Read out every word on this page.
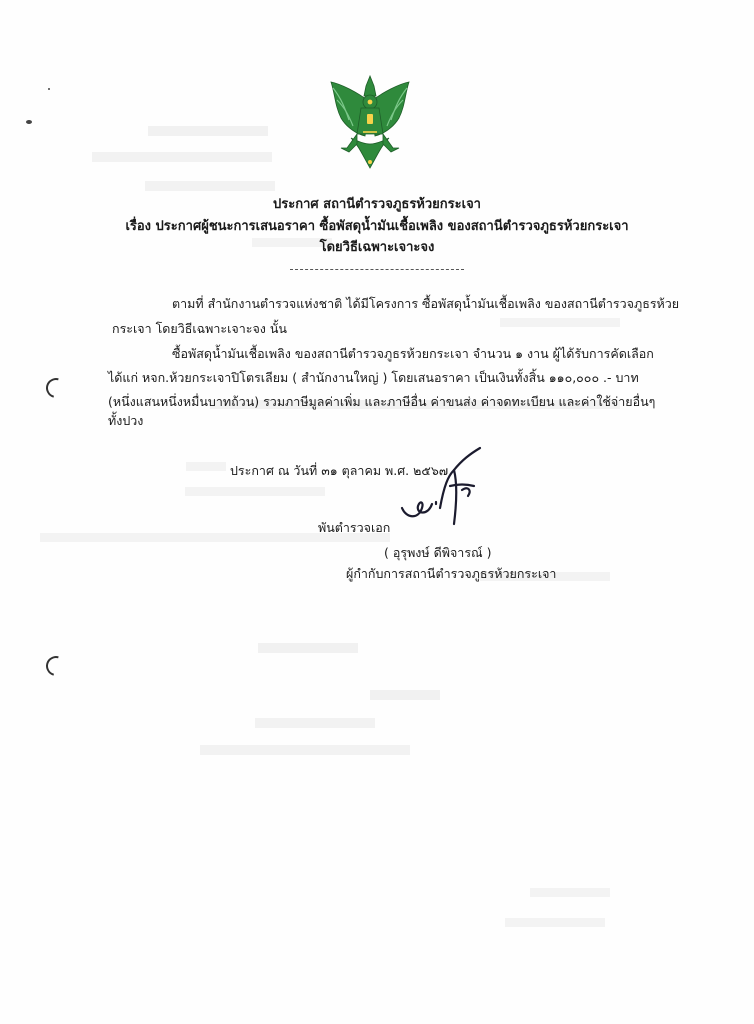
ประกาศ สถานีตำรวจภูธรห้วยกระเจา
เรื่อง ประกาศผู้ชนะการเสนอราคา ซื้อพัสดุน้ำมันเชื้อเพลิง ของสถานีตำรวจภูธรห้วยกระเจา
โดยวิธีเฉพาะเจาะจง
ตามที่ สำนักงานตำรวจแห่งชาติ ได้มีโครงการ ซื้อพัสดุน้ำมันเชื้อเพลิง ของสถานีตำรวจภูธรห้วย
กระเจา โดยวิธีเฉพาะเจาะจง นั้น
ซื้อพัสดุน้ำมันเชื้อเพลิง ของสถานีตำรวจภูธรห้วยกระเจา จำนวน ๑ งาน ผู้ได้รับการคัดเลือก
ได้แก่ หจก.ห้วยกระเจาปิโตรเลียม ( สำนักงานใหญ่ ) โดยเสนอราคา เป็นเงินทั้งสิ้น ๑๑๐,๐๐๐ .- บาท
(หนึ่งแสนหนึ่งหมื่นบาทถ้วน) รวมภาษีมูลค่าเพิ่ม และภาษีอื่น ค่าขนส่ง ค่าจดทะเบียน และค่าใช้จ่ายอื่นๆ
ทั้งปวง
ประกาศ ณ วันที่ ๓๑ ตุลาคม พ.ศ. ๒๕๖๗
พันตำรวจเอก
( อุรุพงษ์ ดีพิจารณ์ )
ผู้กำกับการสถานีตำรวจภูธรห้วยกระเจา
